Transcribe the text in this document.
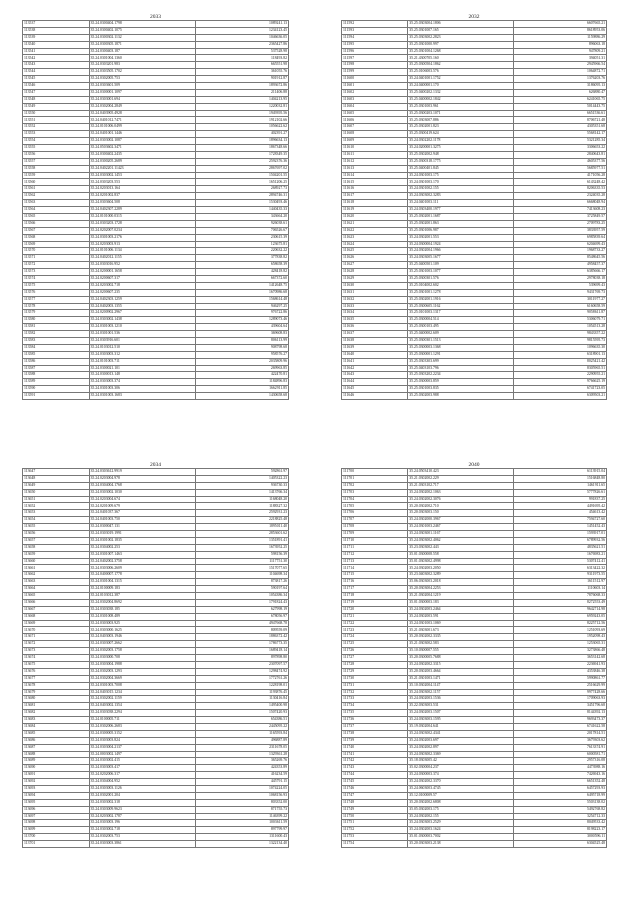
2033
113537	35.24.0300404.1798	1089241.13
113538	35.24.0300402.1075	1234123.45
113539	35.24.0300302.1132	1046636.05
113540	35.24.0300305.1871	2365427.86
113541	35.24.0300403.187	537528.98
113542	35.24.0301004.1360	118493.82
113543	35.24.0303201.983	665551.98
113544	35.24.0303505.1702	361055.76
113545	35.24.0302005.753	901912.87
113546	35.24.0303601.509	1893672.86
113547	35.24.0300001.1097	211406.88
113548	35.24.0303001.694	1404213.95
113549	35.24.0302004.2849	1220032.81
113550	35.24.0403905.4928	1949395.56
113551	35.24.0401012.7471	1912102.66
113552	35.24.0101006.0499	1056622.62
113553	35.24.0401001.1446	402391.27
113554	35.24.0303002.1087	1896634.13
113555	35.24.0503602.3471	1867348.66
113556	35.24.0300402.2435	1728349.35
113557	35.24.0300205.2689	2592376.36
113558	35.24.0402201.11423	2867697.02
113559	35.24.0303002.1453	1504201.55
113560	35.24.0303203.553	1651206.25
113561	35.24.0203013.164	268927.73
113562	35.24.0201002.837	2894746.31
113563	35.24.0303604.508	1530493.46
113564	35.24.0402307.2289	1440435.33
113565	35.24.0101000.0315	343664.20
113566	35.24.0303203.1728	926038.61
113567	35.24.0202007.0234	706526.67
113568	35.24.0301003.2176	230615.39
113569	35.24.0203003.913	123675.81
113570	35.24.0101006.1134	220632.22
113571	35.24.0402012.1155	377838.82
113572	35.24.0303016.952	658658.39
113573	35.24.0200001.1658	428418.82
113574	35.24.0200607.317	667372.60
113575	35.24.0203002.718	1412648.75
113576	35.24.0200607.235	1670986.68
113577	35.24.0402303.1259	1568614.48
113578	35.24.0402003.1355	946297.25
113579	35.24.0200902.2967	976722.86
113580	35.24.0303002.1438	1289073.46
113581	35.24.0301003.1210	439604.64
113582	35.24.0301001.536	369608.83
113583	35.24.0303916.601	806113.99
113584	35.24.0103012.510	908798.68
113585	35.24.0303003.312	958576.27
113586	35.24.0101003.711	2035809.96
113587	35.24.0300021.101	269963.85
113588	35.24.0300013.148	422470.81
113589	35.24.0303003.374	1184896.83
113590	35.24.0301003.306	1662911.85
113591	35.24.0301003.1683	1430658.68
2032
111592	35.25.0303004.1806	6607665.21
111593	35.25.0301007.165	8618953.06
111594	35.25.0303002.2823	1159886.29
111595	35.25.0301000.997	896063.18
111596	35.25.0301004.1268	947809.21
111597	35.21.4300705.160	394051.31
111598	35.25.0300504.1862	2945966.54
111599	35.25.0106003.576	1064872.71
111600	35.24.0401001.1752	1376203.76
111601	35.24.0400001.170	3186095.13
111602	35.25.0400202.1332	626880.47
111603	35.25.0400002.1842	6241065.75
111604	35.25.0301003.961	5014443.75
111605	35.25.0300203.1071	6651536.61
111606	35.25.0303007.886	8706721.48
111607	35.25.0302001.823	4305351.68
111608	35.25.0300419.624	5568142.17
111609	35.24.0302202.1178	5321285.34
111610	35.24.0200001.3275	3306653.22
111611	35.25.0302002.948	2840643.81
111612	35.25.0300318.1775	4605377.56
111613	35.25.0400401.845	5685977.51
111614	35.24.0301003.175	4171056.28
111615	35.24.0301003.170	6143248.42
111616	35.24.0301002.155	8206335.53
111617	35.24.0303002.3283	2324035.28
111618	35.24.0401003.111	6668048.94
111619	35.24.0303400.1977	7413608.23
111620	35.25.0302001.1687	3725849.57
111621	35.25.0302001.863	2709783.25
111622	35.25.0301006.987	3833957.59
111623	35.24.0302001.553	6985839.64
111624	35.24.0300004.1924	6204699.43
111625	35.24.0302004.1966	1968733.27
111626	35.24.0303005.1677	8548645.56
111627	35.25.0400501.109	4958457.37
111628	35.25.0301003.1077	6385666.17
111629	35.25.0300301.576	2978038.18
111630	35.25.0104002.602	539699.43
111631	35.25.0301001.1278	9431769.73
111632	35.25.0302001.1916	3011977.27
111633	35.25.0300605.1162	6160658.59
111634	35.25.0101003.1317	9058611.87
111635	35.25.0300004.514	5306079.71
111636	35.25.0300103.495	1054513.28
111637	35.25.0400002.609	9843357.22
111638	35.25.0300301.1513	9815595.73
111639	35.25.0300003.1368	1096635.30
111640	35.25.0300001.1291	6318901.13
111641	35.25.0303303.699	8025421.42
111642	35.25.0403103.796	8305965.51
111643	35.25.0303202.2234	2290955.21
111644	35.25.0300003.859	9766625.19
111645	35.25.0301003.835	6741723.05
111646	35.25.0302003.988	6309503.21
2034
113647	35.24.0303612.9919	592861.97
113648	35.24.0203004.978	1405322.23
113649	35.24.0304004.1768	936730.33
113650	35.24.0303002.1030	1413766.34
113651	35.24.0203004.674	1168048.20
113652	35.24.0201009.679	1188327.32
113653	35.24.0401037.367	2592931.23
113654	35.24.0401003.750	2218825.48
113655	35.24.0300047.131	1895011.40
113656	35.24.0303019.1991	2853601.62
113657	35.24.0301002.1835	1351891.41
113658	35.24.0304002.253	1673952.25
113659	35.24.0301007.1463	598156.39
113660	35.24.0402002.3758	1117751.30
113661	35.24.0303006.2609	1517077.65
113662	35.24.0400007.1778	1104698.34
113663	35.24.0301004.1315	873817.26
113664	35.24.0100009.183	590197.64
113665	35.24.0103012.387	1054386.34
113666	35.24.0302004.8692	1791824.43
113667	35.24.0303038.185	627998.19
113668	35.24.0301008.489	678056.97
113669	35.24.0303003.925	4947668.78
113670	35.24.0303000.1625	809559.09
113671	35.24.0403003.1946	1886372.42
113672	35.24.0303007.2662	1786773.35
113673	35.24.0302003.1758	1689418.14
113674	35.24.0303000.708	897898.80
113675	35.24.0303004.1988	2307097.57
113676	35.24.0302003.1293	1298474.92
113677	35.24.0302004.3669	1772761.26
113678	35.24.0301003.7008	1228198.01
113679	35.24.0403015.1234	1193876.45
113680	35.24.0302002.1159	1130416.84
113681	35.24.0403002.1354	1495400.98
113682	35.24.0303038.2294	1507420.93
113683	35.24.0100005.711	654386.51
113684	35.24.0302006.2683	2445095.22
113685	35.24.0300005.3152	1165593.84
113686	35.24.0303003.824	496887.89
113687	35.24.0303004.2137	2311678.05
113688	35.24.0003002.1497	1329361.28
113689	35.24.0303002.415	365269.76
113690	35.24.0303003.417	424353.89
113691	35.24.0202006.317	416234.59
113692	35.24.0304004.952	445791.15
113693	35.24.0303003.1126	1074224.05
113694	35.24.0302001.204	1068156.93
113695	35.24.0303002.318	803352.00
113696	35.24.0303009.9623	871755.73
113697	35.24.0203002.1787	1146399.22
113698	35.24.0303003.196	1003611.59
113699	35.24.0303002.718	897799.97
113700	35.24.0302003.753	1311600.43
113701	35.24.0303003.3861	1322134.40
2040
111700	35.24.0503410.423	6113915.04
111701	35.21.0302002.229	1516848.80
111702	35.21.0303102.717	1461911.65
111703	35.24.0302002.1063	5777826.61
111704	35.24.0302002.3076	991837.25
111705	35.20.0302002.710	4491695.42
111706	35.20.0303003.150	454613.42
111707	35.24.0302000.3967	7594727.60
111708	35.24.0301003.2467	1451452.43
111709	35.24.0303001.1167	1593917.01
111710	35.24.0303002.4062	6789932.56
111711	35.23.0303002.443	4835621.51
111712	35.01.0300008.558	1676983.21
111713	35.01.0303002.4998	5307412.41
111714	35.24.0302003.2050	6313422.32
111715	35.23.0403002.3289	9311973.55
111716	35.06.0303003.2018	1611512.97
111717	35.20.0303004.2253	1110603.14
111718	35.21.0302004.1219	7876068.33
111719	35.01.0300003.183	8272553.49
111720	35.24.0302003.2464	9642714.98
111721	35.24.0302003.591	6959243.05
111722	35.24.0301003.1069	8225712.56
111723	35.21.0303001.673	1251093.69
111724	35.20.0302002.3335	1952098.43
111725	35.21.0303002.583	1253065.31
111726	35.10.0300007.555	3273866.48
111727	35.20.0300005.7688	3653142.68
111728	35.24.0302002.3315	2236941.93
111729	35.20.0302003.4664	4353846.38
111730	35.21.0301003.1471	5990861.77
111731	35.10.0302004.1147	2516629.99
111732	35.24.0303002.1157	9977428.66
111733	35.24.0302003.1536	1709063.93
111734	35.22.0303003.531	3451796.68
111735	35.24.0302003.1507	8144392.13
111736	35.24.0303003.1595	9693473.37
111737	35.19.0302004.641	6741622.58
111738	35.24.0303002.4341	2017814.51
111739	35.24.0302003.697	3679303.62
111740	35.24.0302002.897	7613374.91
111741	35.24.0303002.3369	6000581.71
111742	35.18.0303005.42	2957316.08
111743	35.02.0300004.237	4473988.16
111744	35.24.0300003.374	7426943.16
111745	35.24.0302002.3370	6651352.48
111746	35.24.0603003.4745	6457293.93
111747	35.12.0100009.57	6495718.99
111748	35.20.0302002.6808	5503138.02
111749	35.05.0302003.175	5492768.82
111750	35.24.0302002.155	3254712.33
111751	35.24.0303003.2529	8049533.42
111752	35.24.0302003.1624	8198223.17
111753	35.01.0300003.7002	3000596.11
111754	35.20.0303003.2138	6304525.48
